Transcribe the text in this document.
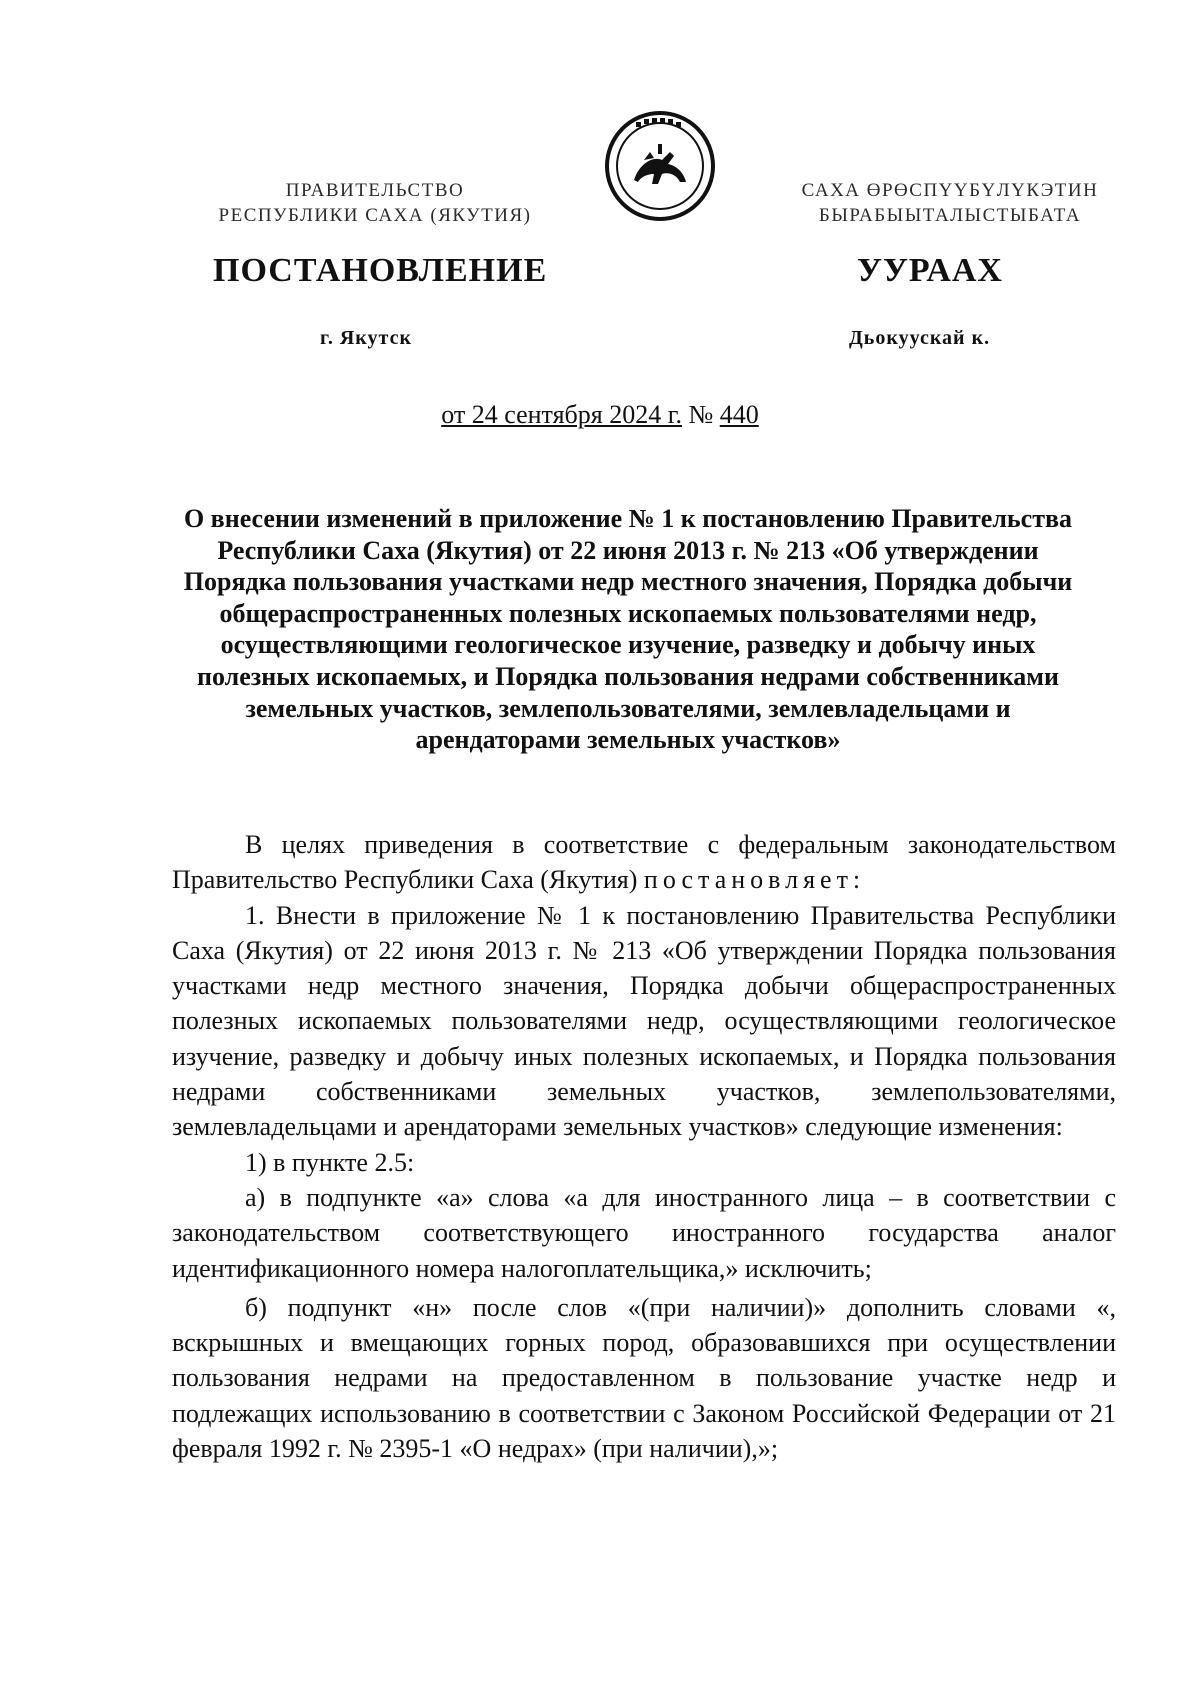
ПРАВИТЕЛЬСТВО
РЕСПУБЛИКИ САХА (ЯКУТИЯ)
САХА ӨРӨСПҮҮБҮЛҮКЭТИН
БЫРАБЫЫТАЛЫСТЫБАТА
ПОСТАНОВЛЕНИЕ	УУРААХ
г. Якутск	Дьокуускай к.
от 24 сентября 2024 г. № 440
О внесении изменений в приложение № 1 к постановлению Правительства Республики Саха (Якутия) от 22 июня 2013 г. № 213 «Об утверждении Порядка пользования участками недр местного значения, Порядка добычи общераспространенных полезных ископаемых пользователями недр, осуществляющими геологическое изучение, разведку и добычу иных полезных ископаемых, и Порядка пользования недрами собственниками земельных участков, землепользователями, землевладельцами и арендаторами земельных участков»

В целях приведения в соответствие с федеральным законодательством Правительство Республики Саха (Якутия) постановляет:

1. Внести в приложение № 1 к постановлению Правительства Республики Саха (Якутия) от 22 июня 2013 г. № 213 «Об утверждении Порядка пользования участками недр местного значения, Порядка добычи общераспространенных полезных ископаемых пользователями недр, осуществляющими геологическое изучение, разведку и добычу иных полезных ископаемых, и Порядка пользования недрами собственниками земельных участков, землепользователями, землевладельцами и арендаторами земельных участков» следующие изменения:

1) в пункте 2.5:

а) в подпункте «а» слова «а для иностранного лица – в соответствии с законодательством соответствующего иностранного государства аналог идентификационного номера налогоплательщика,» исключить;

б) подпункт «н» после слов «(при наличии)» дополнить словами «, вскрышных и вмещающих горных пород, образовавшихся при осуществлении пользования недрами на предоставленном в пользование участке недр и подлежащих использованию в соответствии с Законом Российской Федерации от 21 февраля 1992 г. № 2395-1 «О недрах» (при наличии),»;
